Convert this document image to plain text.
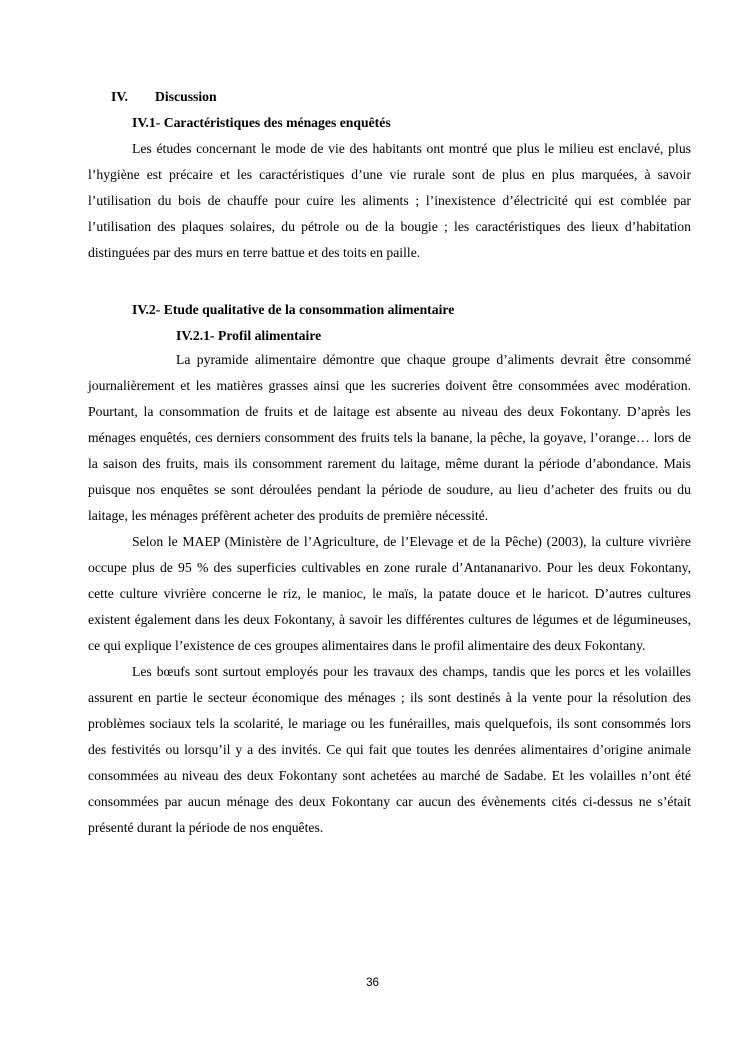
IV. Discussion
IV.1- Caractéristiques des ménages enquêtés

Les études concernant le mode de vie des habitants ont montré que plus le milieu est enclavé, plus l’hygiène est précaire et les caractéristiques d’une vie rurale sont de plus en plus marquées, à savoir l’utilisation du bois de chauffe pour cuire les aliments ; l’inexistence d’électricité qui est comblée par l’utilisation des plaques solaires, du pétrole ou de la bougie ; les caractéristiques des lieux d’habitation distinguées par des murs en terre battue et des toits en paille.

IV.2- Etude qualitative de la consommation alimentaire
IV.2.1- Profil alimentaire

La pyramide alimentaire démontre que chaque groupe d’aliments devrait être consommé journalièrement et les matières grasses ainsi que les sucreries doivent être consommées avec modération. Pourtant, la consommation de fruits et de laitage est absente au niveau des deux Fokontany. D’après les ménages enquêtés, ces derniers consomment des fruits tels la banane, la pêche, la goyave, l’orange… lors de la saison des fruits, mais ils consomment rarement du laitage, même durant la période d’abondance. Mais puisque nos enquêtes se sont déroulées pendant la période de soudure, au lieu d’acheter des fruits ou du laitage, les ménages préfèrent acheter des produits de première nécessité.

Selon le MAEP (Ministère de l’Agriculture, de l’Elevage et de la Pêche) (2003), la culture vivrière occupe plus de 95 % des superficies cultivables en zone rurale d’Antananarivo. Pour les deux Fokontany, cette culture vivrière concerne le riz, le manioc, le maïs, la patate douce et le haricot. D’autres cultures existent également dans les deux Fokontany, à savoir les différentes cultures de légumes et de légumineuses, ce qui explique l’existence de ces groupes alimentaires dans le profil alimentaire des deux Fokontany.

Les bœufs sont surtout employés pour les travaux des champs, tandis que les porcs et les volailles assurent en partie le secteur économique des ménages ; ils sont destinés à la vente pour la résolution des problèmes sociaux tels la scolarité, le mariage ou les funérailles, mais quelquefois, ils sont consommés lors des festivités ou lorsqu’il y a des invités. Ce qui fait que toutes les denrées alimentaires d’origine animale consommées au niveau des deux Fokontany sont achetées au marché de Sadabe. Et les volailles n’ont été consommées par aucun ménage des deux Fokontany car aucun des évènements cités ci-dessus ne s’était présenté durant la période de nos enquêtes.

36
